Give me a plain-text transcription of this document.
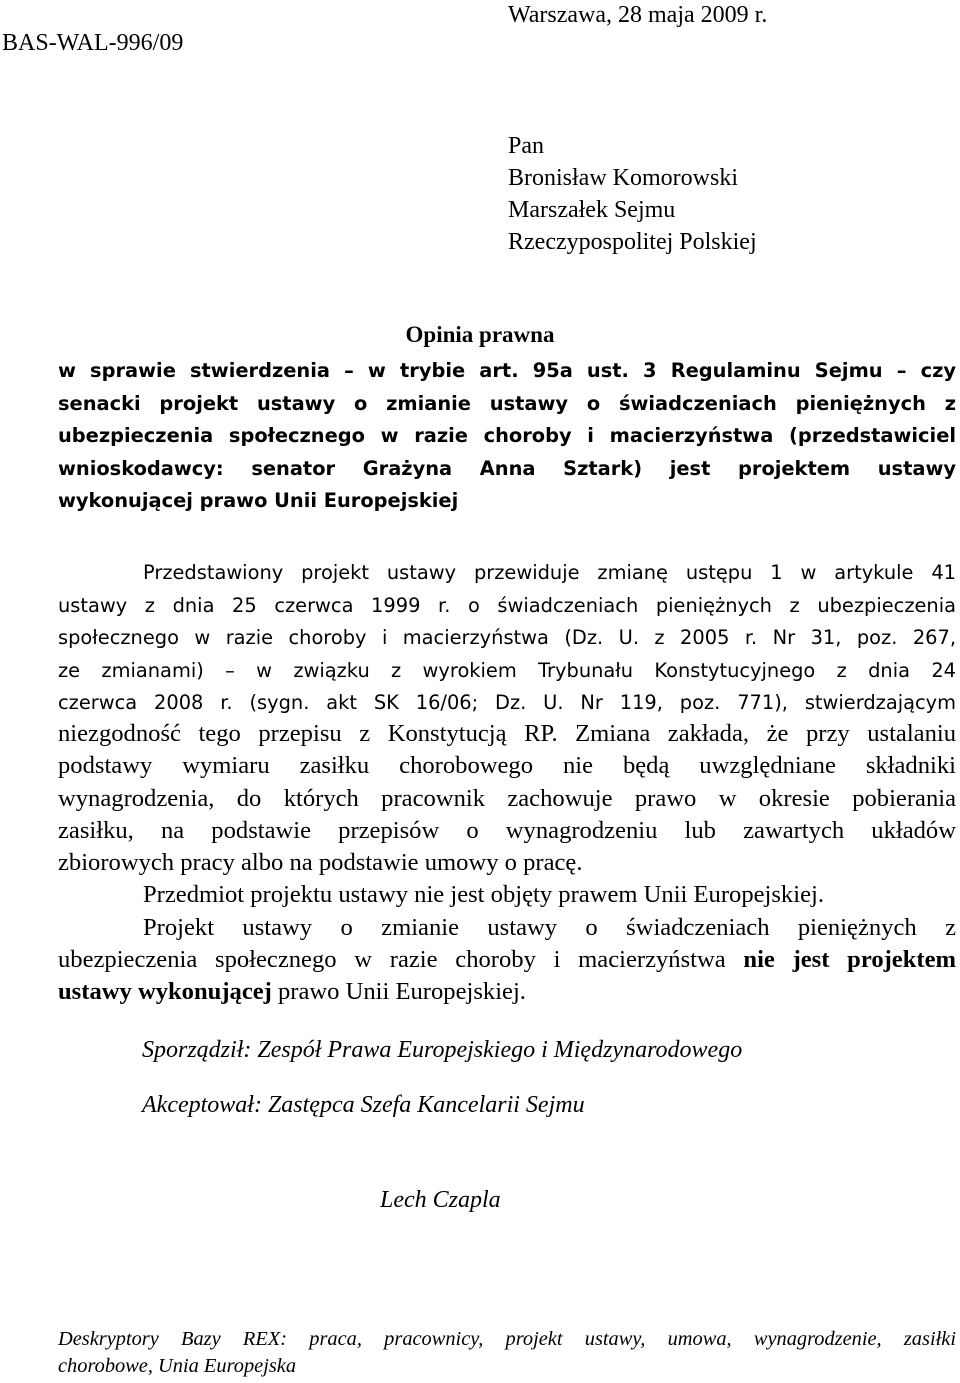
BAS-WAL-996/09
Warszawa, 28 maja 2009 r.
Pan
Bronisław Komorowski
Marszałek Sejmu
Rzeczypospolitej Polskiej
Opinia prawna
w sprawie stwierdzenia – w trybie art. 95a ust. 3 Regulaminu Sejmu – czy
senacki projekt ustawy o zmianie ustawy o świadczeniach pieniężnych z
ubezpieczenia społecznego w razie choroby i macierzyństwa (przedstawiciel
wnioskodawcy: senator Grażyna Anna Sztark) jest projektem ustawy
wykonującej prawo Unii Europejskiej
Przedstawiony projekt ustawy przewiduje zmianę ustępu 1 w artykule 41
ustawy z dnia 25 czerwca 1999 r. o świadczeniach pieniężnych z ubezpieczenia
społecznego w razie choroby i macierzyństwa (Dz. U. z 2005 r. Nr 31, poz. 267,
ze zmianami) – w związku z wyrokiem Trybunału Konstytucyjnego z dnia 24
czerwca 2008 r. (sygn. akt SK 16/06; Dz. U. Nr 119, poz. 771), stwierdzającym
niezgodność tego przepisu z Konstytucją RP. Zmiana zakłada, że przy ustalaniu
podstawy wymiaru zasiłku chorobowego nie będą uwzględniane składniki
wynagrodzenia, do których pracownik zachowuje prawo w okresie pobierania
zasiłku, na podstawie przepisów o wynagrodzeniu lub zawartych układów
zbiorowych pracy albo na podstawie umowy o pracę.
Przedmiot projektu ustawy nie jest objęty prawem Unii Europejskiej.
Projekt ustawy o zmianie ustawy o świadczeniach pieniężnych z
ubezpieczenia społecznego w razie choroby i macierzyństwa nie jest projektem
ustawy wykonującej prawo Unii Europejskiej.
Sporządził: Zespół Prawa Europejskiego i Międzynarodowego
Akceptował: Zastępca Szefa Kancelarii Sejmu
Lech Czapla
Deskryptory Bazy REX: praca, pracownicy, projekt ustawy, umowa, wynagrodzenie, zasiłki
chorobowe, Unia Europejska
